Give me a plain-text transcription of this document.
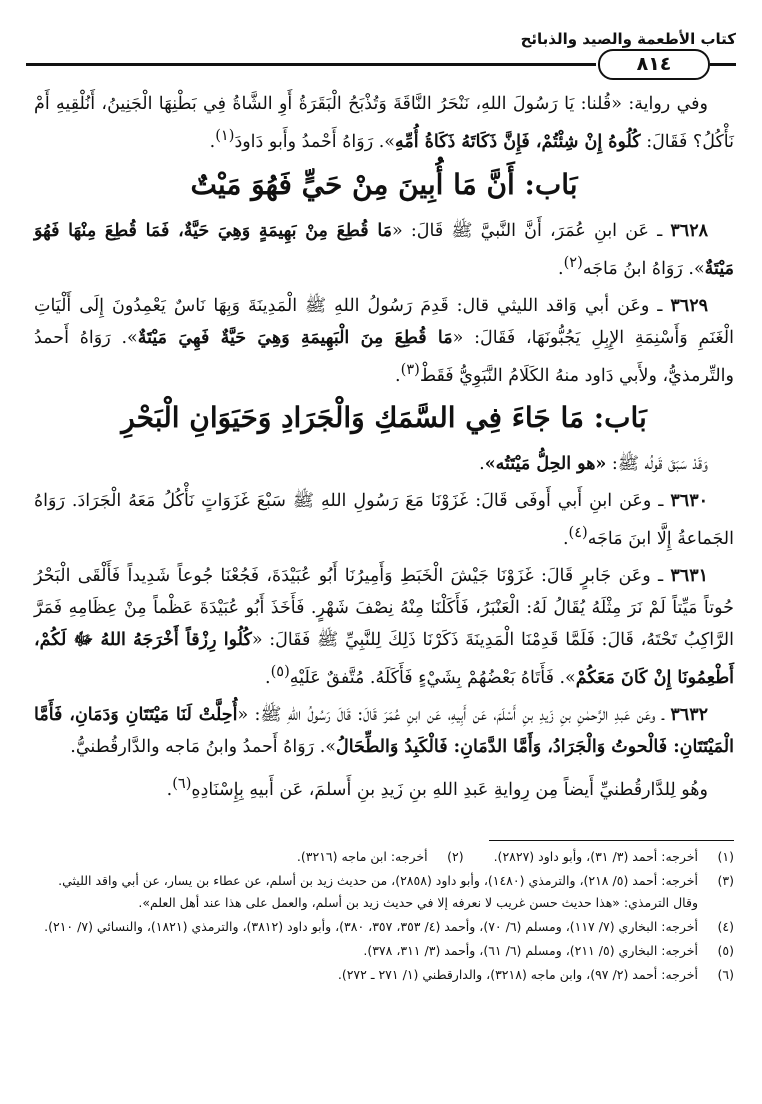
كتاب الأطعمة والصيد والذبائح
٨١٤

وفي رواية: «قُلنا: يَا رَسُولَ اللهِ، نَنْحَرُ النَّاقَةَ وَتُذْبَحُ الْبَقَرَةُ أَوِ الشَّاةُ فِي بَطْنِهَا الْجَنِينُ، أَنُلْقِيهِ أَمْ نَأْكُلُ؟ فَقَالَ: كُلُوهُ إِنْ شِئْتُمْ، فَإِنَّ ذَكَاتَهُ ذَكَاةُ أُمِّهِ». رَوَاهُ أَحْمدُ وأَبو دَاودَ$^{(١)}$.

بَاب: أَنَّ مَا أُبِينَ مِنْ حَيٍّ فَهُوَ مَيْتٌ

٣٦٢٨ ـ عَن ابنِ عُمَرَ، أَنَّ النَّبيَّ ﷺ قَالَ: «مَا قُطِعَ مِنْ بَهِيمَةٍ وَهِيَ حَيَّةٌ، فَمَا قُطِعَ مِنْهَا فَهُوَ مَيْتَةٌ». رَوَاهُ ابنُ مَاجَه$^{(٢)}$.

٣٦٢٩ ـ وعَن أبي وَاقد الليثي قال: قَدِمَ رَسُولُ اللهِ ﷺ الْمَدِينَةَ وَبِهَا نَاسٌ يَعْمِدُونَ إِلَى أَلْيَاتِ الْغَنَمِ وَأَسْنِمَةِ الإِبِلِ يَجُبُّونَهَا، فَقَالَ: «مَا قُطِعَ مِنَ الْبَهِيمَةِ وَهِيَ حَيَّةٌ فَهِيَ مَيْتَةٌ». رَوَاهُ أَحمدُ والتِّرمذيُّ، ولأَبي دَاود منهُ الكَلَامُ النَّبَوِيُّ فَقَطْ$^{(٣)}$.

بَاب: مَا جَاءَ فِي السَّمَكِ وَالْجَرَادِ وَحَيَوَانِ الْبَحْرِ

وَقَدْ سَبَقَ قَولُه ﷺ: «هو الحِلُّ مَيْتَتُه».

٣٦٣٠ ـ وعَن ابنِ أَبي أَوفَى قَالَ: غَزَوْنَا مَعَ رَسُولِ اللهِ ﷺ سَبْعَ غَزَوَاتٍ نَأْكُلُ مَعَهُ الْجَرَادَ. رَوَاهُ الجَماعةُ إِلَّا ابنَ مَاجَه$^{(٤)}$.

٣٦٣١ ـ وعَن جَابرٍ قَالَ: غَزَوْنَا جَيْشَ الْخَبَطِ وَأَمِيرُنَا أَبُو عُبَيْدَةَ، فَجُعْنَا جُوعاً شَدِيداً فَأَلْقَى الْبَحْرُ حُوتاً مَيِّتاً لَمْ نَرَ مِثْلَهُ يُقَالُ لَهُ: الْعَنْبَرُ، فَأَكَلْنَا مِنْهُ نِصْفَ شَهْرٍ. فَأَخَذَ أَبُو عُبَيْدَةَ عَظْماً مِنْ عِظَامِهِ فَمَرَّ الرَّاكِبُ تَحْتَهُ، قَالَ: فَلَمَّا قَدِمْنَا الْمَدِينَةَ ذَكَرْنَا ذَلِكَ لِلنَّبِيِّ ﷺ فَقَالَ: «كُلُوا رِزْقاً أَخْرَجَهُ اللهُ ﷻ لَكُمْ، أَطْعِمُونَا إِنْ كَانَ مَعَكُمْ». فَأَتَاهُ بَعْضُهُمْ بِشَيْءٍ فَأَكَلَهُ. مُتَّفقٌ عَلَيْهِ$^{(٥)}$.

٣٦٣٢ ـ وعَن عَبدِ الرَّحمٰنِ بنِ زَيدِ بنِ أَسْلَمَ، عَن أَبِيهِ، عَن ابنِ عُمَرَ قَالَ: قَالَ رَسُولُ اللهِ ﷺ: «أُحِلَّتْ لَنَا مَيْتَتَانِ وَدَمَانِ، فَأَمَّا الْمَيْتَتَانِ: فَالْحوتُ وَالْجَرَادُ، وَأَمَّا الدَّمَانِ: فَالْكَبِدُ وَالطِّحَالُ». رَوَاهُ أَحمدُ وابنُ مَاجه والدَّارقُطنيُّ.

وهُو لِلدَّارقُطنيِّ أَيضاً مِن رِوايةِ عَبدِ اللهِ بنِ زَيدِ بنِ أَسلمَ، عَن أَبيهِ بِإِسْنَادِهِ$^{(٦)}$.

(١)
أخرجه: أحمد (٣/ ٣١)، وأبو داود (٢٨٢٧).
(٢)
أخرجه: ابن ماجه (٣٢١٦).
(٣)

أخرجه: أحمد (٥/ ٢١٨)، والترمذي (١٤٨٠)، وأبو داود (٢٨٥٨)، من حديث زيد بن أسلم، عن عطاء بن يسار، عن أبي واقد الليثي.

وقال الترمذي: «هذا حديث حسن غريب لا نعرفه إلا في حديث زيد بن أسلم، والعمل على هذا عند أهل العلم».

(٤)
أخرجه: البخاري (٧/ ١١٧)، ومسلم (٦/ ٧٠)، وأحمد (٤/ ٣٥٣، ٣٥٧، ٣٨٠)، وأبو داود (٣٨١٢)، والترمذي (١٨٢١)، والنسائي (٧/ ٢١٠).
(٥)
أخرجه: البخاري (٥/ ٢١١)، ومسلم (٦/ ٦١)، وأحمد (٣/ ٣١١، ٣٧٨).
(٦)
أخرجه: أحمد (٢/ ٩٧)، وابن ماجه (٣٢١٨)، والدارقطني (١/ ٢٧١ ـ ٢٧٢).
